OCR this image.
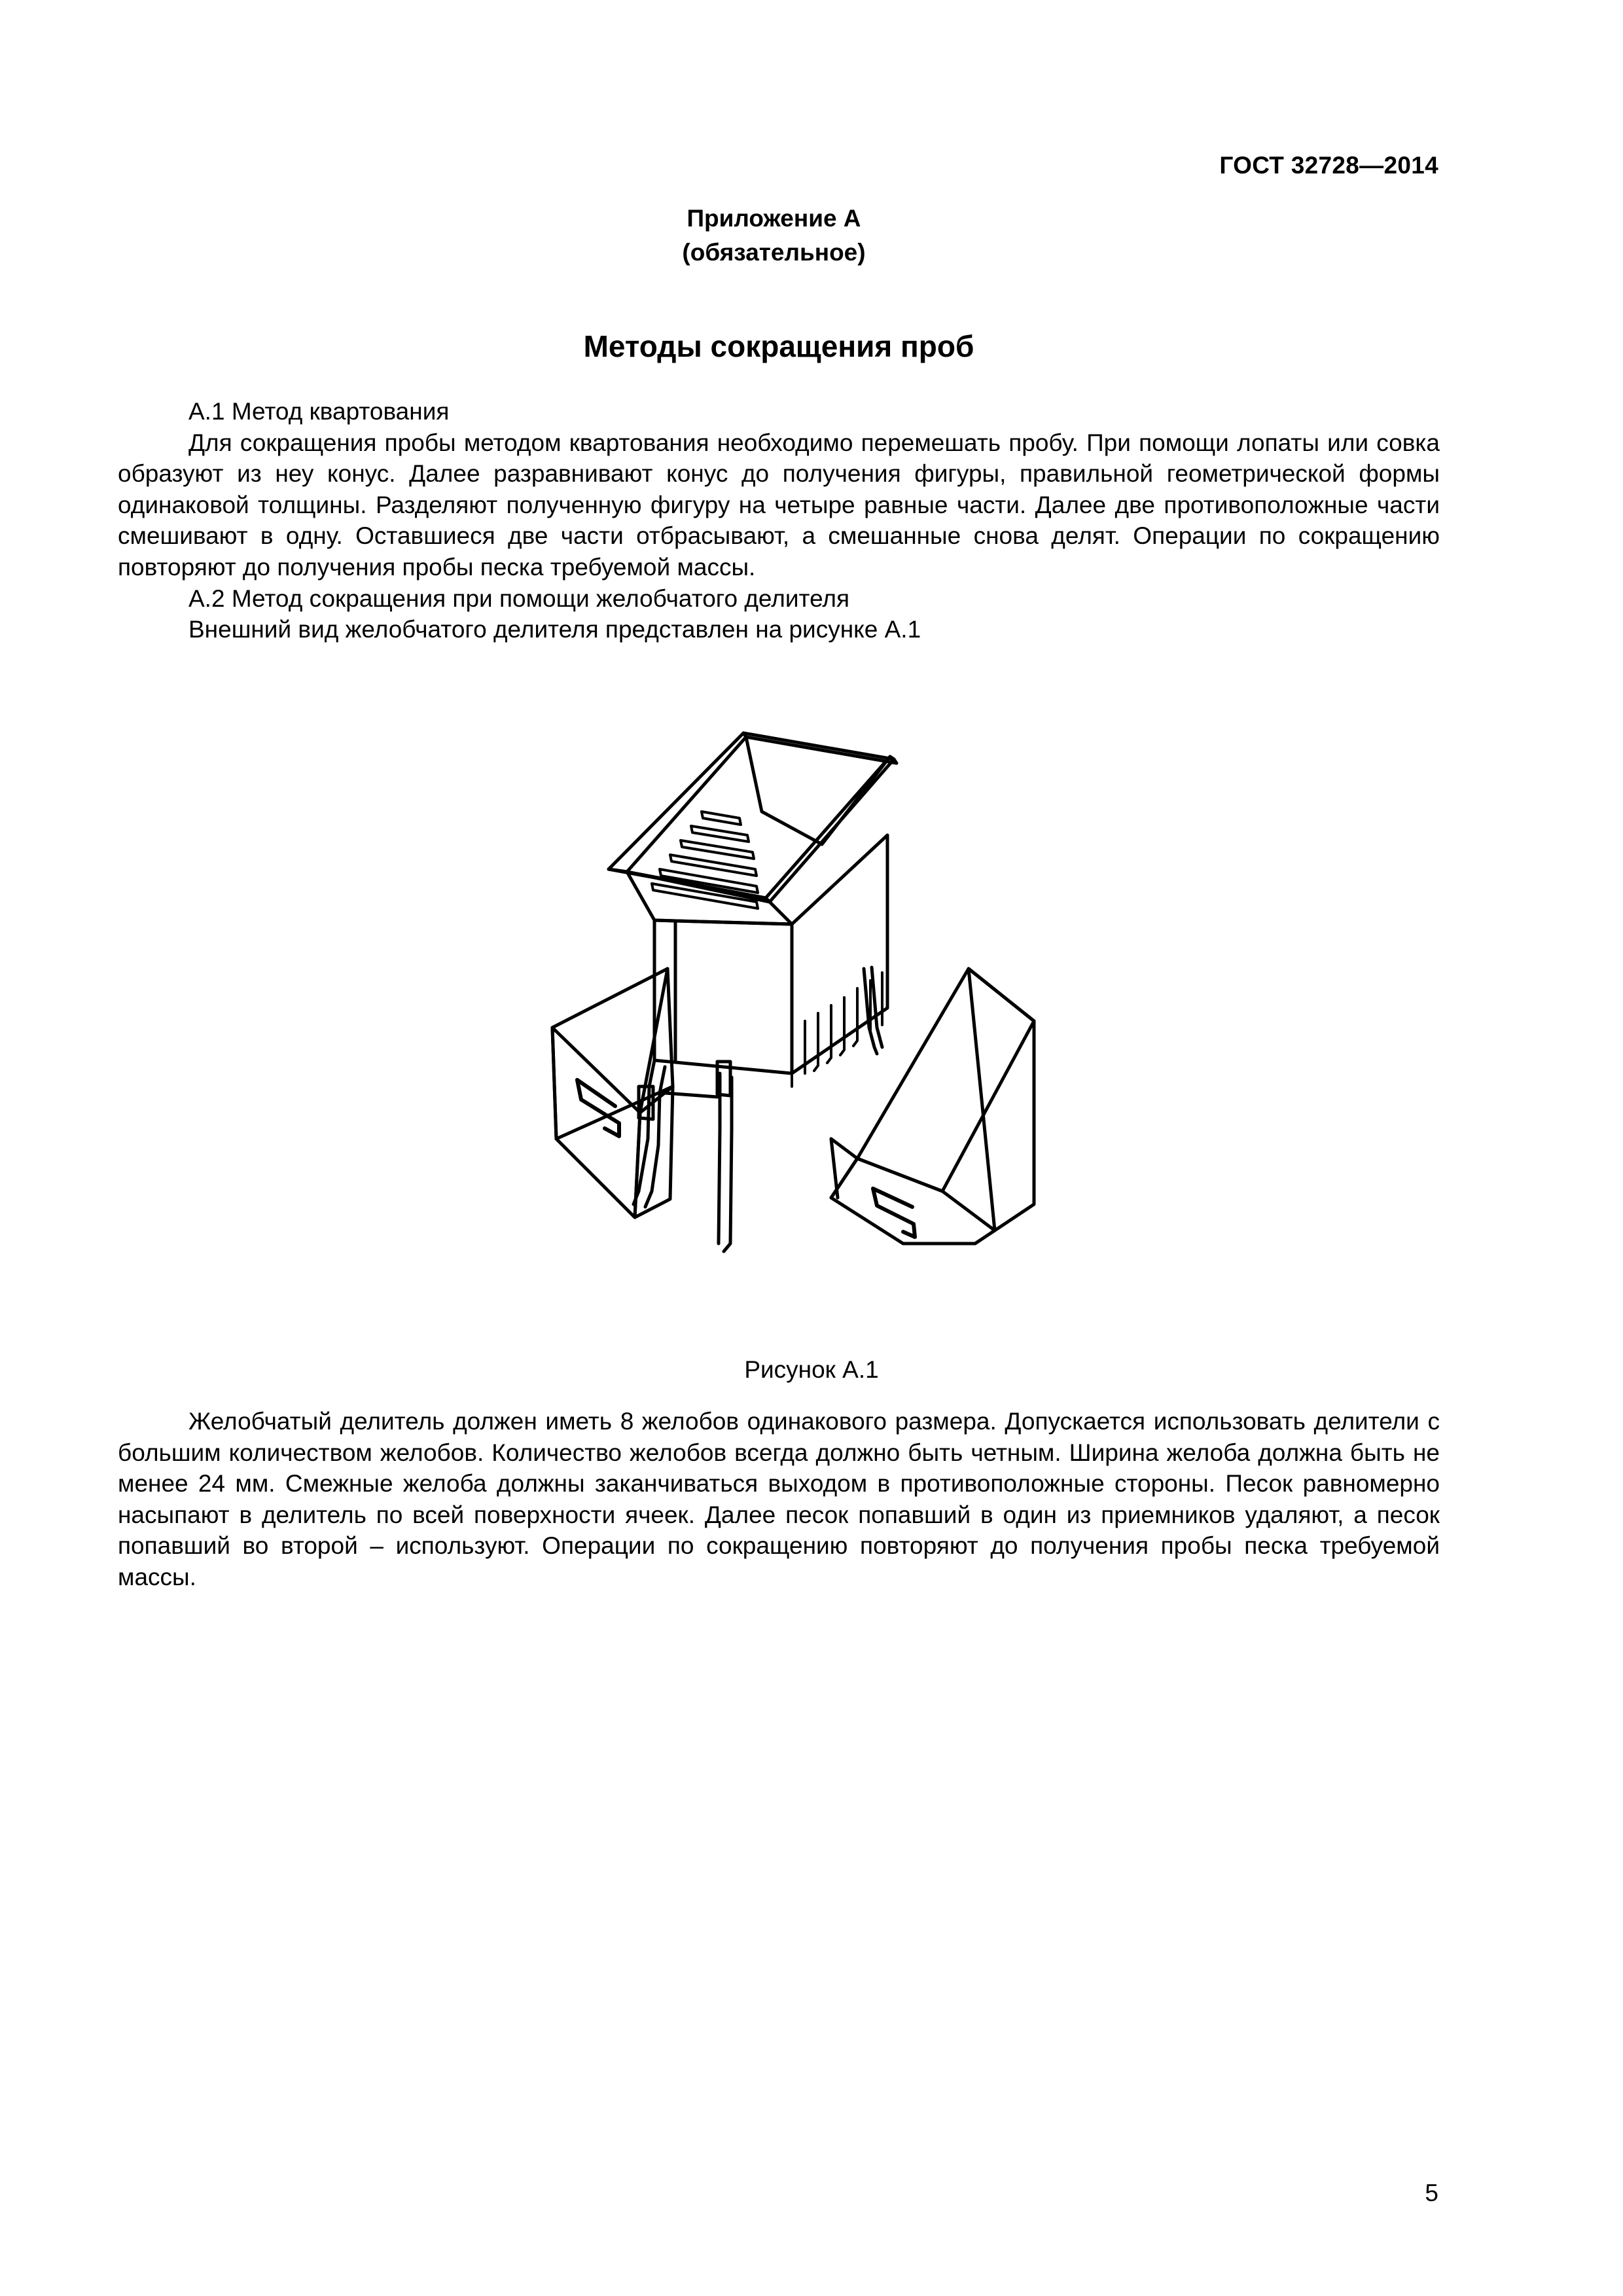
ГОСТ 32728—2014
Приложение А
(обязательное)
Методы сокращения проб

А.1 Метод квартования

Для сокращения пробы методом квартования необходимо перемешать пробу. При помощи лопаты или совка образуют из неу конус. Далее разравнивают конус до получения фигуры, правильной геометрической формы одинаковой толщины. Разделяют полученную фигуру на четыре равные части. Далее две противоположные части смешивают в одну. Оставшиеся две части отбрасывают, а смешанные снова делят. Операции по сокращению повторяют до получения пробы песка требуемой массы.

А.2 Метод сокращения при помощи желобчатого делителя

Внешний вид желобчатого делителя представлен на рисунке А.1

Рисунок А.1

Желобчатый делитель должен иметь 8 желобов одинакового размера. Допускается использовать делители с большим количеством желобов. Количество желобов всегда должно быть четным. Ширина желоба должна быть не менее 24 мм. Смежные желоба должны заканчиваться выходом в противоположные стороны. Песок равномерно насыпают в делитель по всей поверхности ячеек. Далее песок попавший в один из приемников удаляют, а песок попавший во второй – используют. Операции по сокращению повторяют до получения пробы песка требуемой массы.

5
